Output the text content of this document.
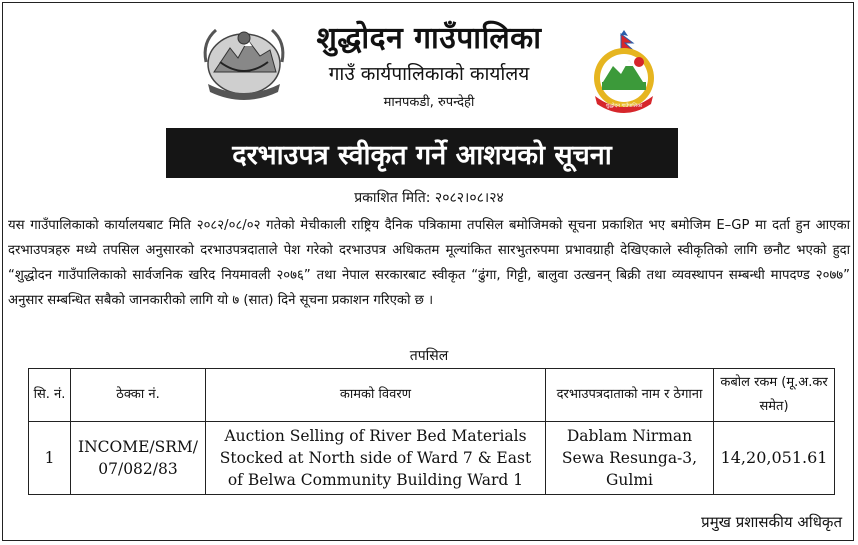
शुद्धोदन गाउँपालिका
शुद्धोदन गाउँपालिका
गाउँ कार्यपालिकाको कार्यालय
मानपकडी, रुपन्देही
दरभाउपत्र स्वीकृत गर्ने आशयको सूचना
प्रकाशित मिति: २०८२।०८।२४
यस गाउँपालिकाको कार्यालयबाट मिति २०८२/०८/०२ गतेको मेचीकाली राष्ट्रिय दैनिक पत्रिकामा तपसिल बमोजिमको सूचना प्रकाशित भए बमोजिम E–GP मा दर्ता हुन आएका दरभाउपत्रहरु मध्ये तपसिल अनुसारको दरभाउपत्रदाताले पेश गरेको दरभाउपत्र अधिकतम मूल्यांकित सारभुतरुपमा प्रभावग्राही देखिएकाले स्वीकृतिको लागि छनौट भएको हुदा “शुद्धोदन गाउँपालिकाको सार्वजनिक खरिद नियमावली २०७६” तथा नेपाल सरकारबाट स्वीकृत “ढुंगा, गिट्टी, बालुवा उत्खनन् बिक्री तथा व्यवस्थापन सम्बन्धी मापदण्ड २०७७” अनुसार सम्बन्धित सबैको जानकारीको लागि यो ७ (सात) दिने सूचना प्रकाशन गरिएको छ ।
तपसिल
सि. नं.	ठेक्का नं.	कामको विवरण	दरभाउपत्रदाताको नाम र ठेगाना	कबोल रकम (मू.अ.कर समेत)
1	INCOME/SRM/ 07/082/83	Auction Selling of River Bed Materials Stocked at North side of Ward 7 & East of Belwa Community Building Ward 1	Dablam Nirman Sewa Resunga-3, Gulmi	14,20,051.61
प्रमुख प्रशासकीय अधिकृत
